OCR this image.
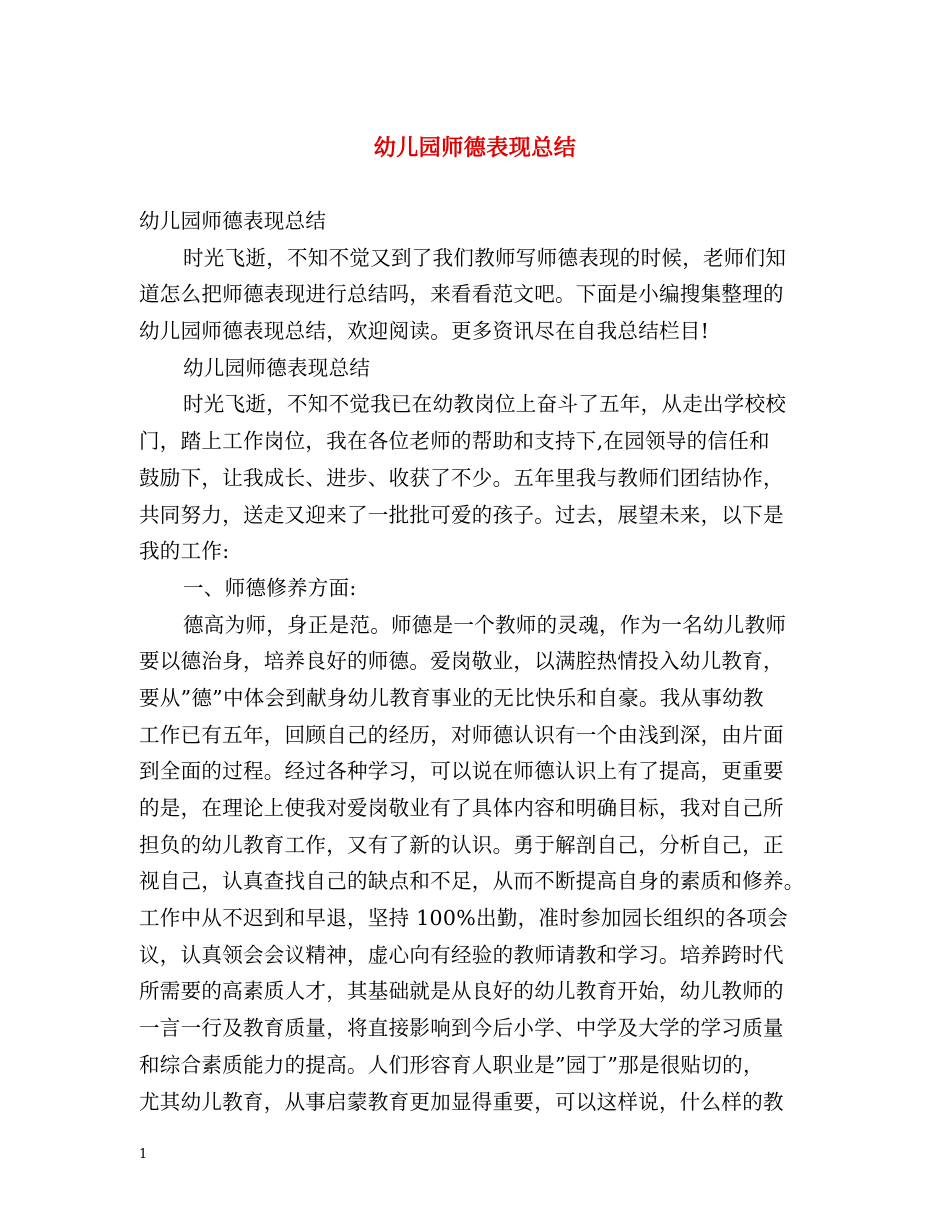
幼儿园师德表现总结
幼儿园师德表现总结
时光飞逝，不知不觉又到了我们教师写师德表现的时候，老师们知
道怎么把师德表现进行总结吗，来看看范文吧。下面是小编搜集整理的
幼儿园师德表现总结，欢迎阅读。更多资讯尽在自我总结栏目!
幼儿园师德表现总结
时光飞逝，不知不觉我已在幼教岗位上奋斗了五年，从走出学校校
门，踏上工作岗位，我在各位老师的帮助和支持下,在园领导的信任和
鼓励下，让我成长、进步、收获了不少。五年里我与教师们团结协作，
共同努力，送走又迎来了一批批可爱的孩子。过去，展望未来，以下是
我的工作:
一、师德修养方面:
德高为师，身正是范。师德是一个教师的灵魂，作为一名幼儿教师
要以德治身，培养良好的师德。爱岗敬业，以满腔热情投入幼儿教育，
要从”德”中体会到献身幼儿教育事业的无比快乐和自豪。我从事幼教
工作已有五年，回顾自己的经历，对师德认识有一个由浅到深，由片面
到全面的过程。经过各种学习，可以说在师德认识上有了提高，更重要
的是，在理论上使我对爱岗敬业有了具体内容和明确目标，我对自己所
担负的幼儿教育工作，又有了新的认识。勇于解剖自己，分析自己，正
视自己，认真查找自己的缺点和不足，从而不断提高自身的素质和修养。
工作中从不迟到和早退，坚持 100%出勤，准时参加园长组织的各项会
议，认真领会会议精神，虚心向有经验的教师请教和学习。培养跨时代
所需要的高素质人才，其基础就是从良好的幼儿教育开始，幼儿教师的
一言一行及教育质量，将直接影响到今后小学、中学及大学的学习质量
和综合素质能力的提高。人们形容育人职业是”园丁”那是很贴切的，
尤其幼儿教育，从事启蒙教育更加显得重要，可以这样说，什么样的教
1
